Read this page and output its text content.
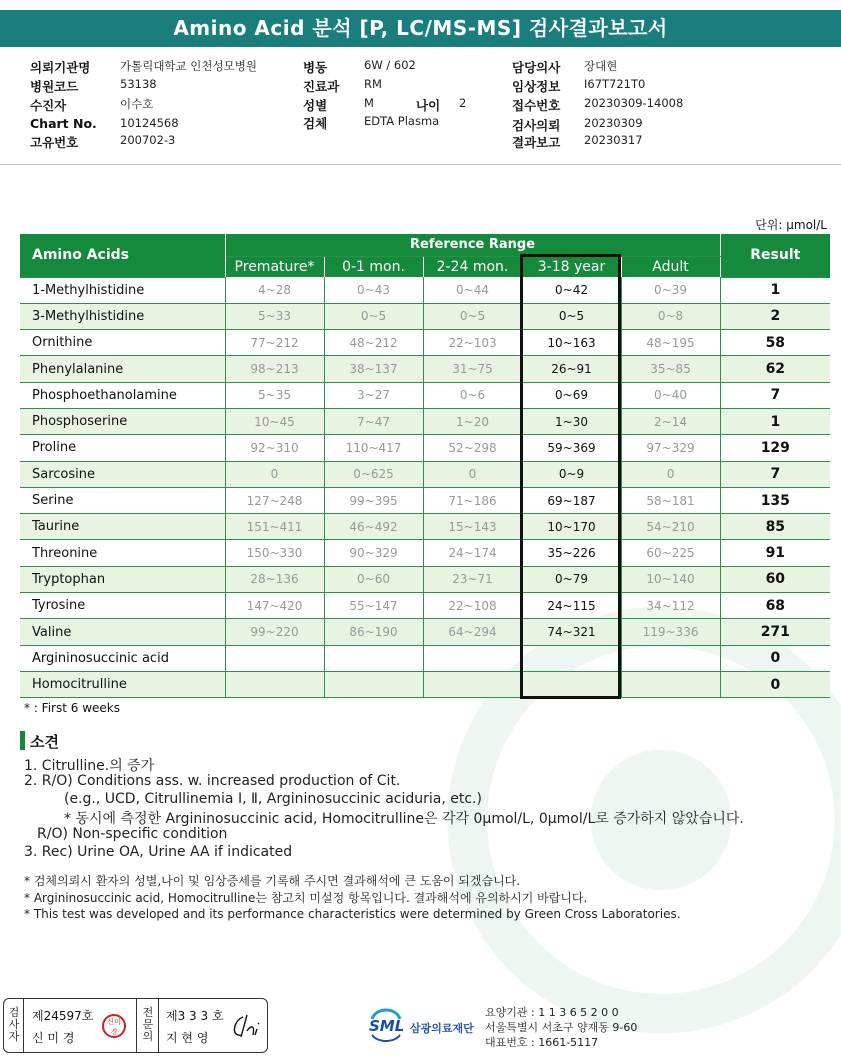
Amino Acid 분석 [P, LC/MS-MS] 검사결과보고서
의뢰기관명	가톨릭대학교 인천성모병원
병원코드	53138
수진자	이수호
Chart No. 10124568
고유번호	200702-3
병동	6W / 602
진료과 RM
성별	M	나이 2
검체	EDTA Plasma
담당의사 장대현
임상정보 I67T721T0
접수번호 20230309-14008
검사의뢰 20230309
결과보고 20230317
단위: μmol/L
Amino Acids	Reference Range					Result
	Premature*	0-1 mon.	2-24 mon.	3-18 year	Adult	
1-Methylhistidine	4~28	0~43	0~44	0~42	0~39	1
3-Methylhistidine	5~33	0~5	0~5	0~5	0~8	2
Ornithine	77~212	48~212	22~103	10~163	48~195	58
Phenylalanine	98~213	38~137	31~75	26~91	35~85	62
Phosphoethanolamine	5~35	3~27	0~6	0~69	0~40	7
Phosphoserine	10~45	7~47	1~20	1~30	2~14	1
Proline	92~310	110~417	52~298	59~369	97~329	129
Sarcosine	0	0~625	0	0~9	0	7
Serine	127~248	99~395	71~186	69~187	58~181	135
Taurine	151~411	46~492	15~143	10~170	54~210	85
Threonine	150~330	90~329	24~174	35~226	60~225	91
Tryptophan	28~136	0~60	23~71	0~79	10~140	60
Tyrosine	147~420	55~147	22~108	24~115	34~112	68
Valine	99~220	86~190	64~294	74~321	119~336	271
Argininosuccinic acid						0
Homocitrulline						0
* : First 6 weeks
소견
1. Citrulline.의 증가
2. R/O) Conditions ass. w. increased production of Cit.
(e.g., UCD, Citrullinemia Ⅰ, Ⅱ, Argininosuccinic aciduria, etc.)
* 동시에 측정한 Argininosuccinic acid, Homocitrulline은 각각 0μmol/L, 0μmol/L로 증가하지 않았습니다.
R/O) Non-specific condition
3. Rec) Urine OA, Urine AA if indicated
* 검체의뢰시 환자의 성별,나이 및 임상증세를 기록해 주시면 결과해석에 큰 도움이 되겠습니다.
* Argininosuccinic acid, Homocitrulline는 참고치 미설정 항목입니다. 결과해석에 유의하시기 바랍니다.
* This test was developed and its performance characteristics were determined by Green Cross Laboratories.
검사자
제24597호
신 미 경
신미경
전문의
제3 3 3 호
지 현 영
SML 삼광의료재단
요양기관 : 1 1 3 6 5 2 0 0
서울특별시 서초구 양재동 9-60
대표번호 : 1661-5117
